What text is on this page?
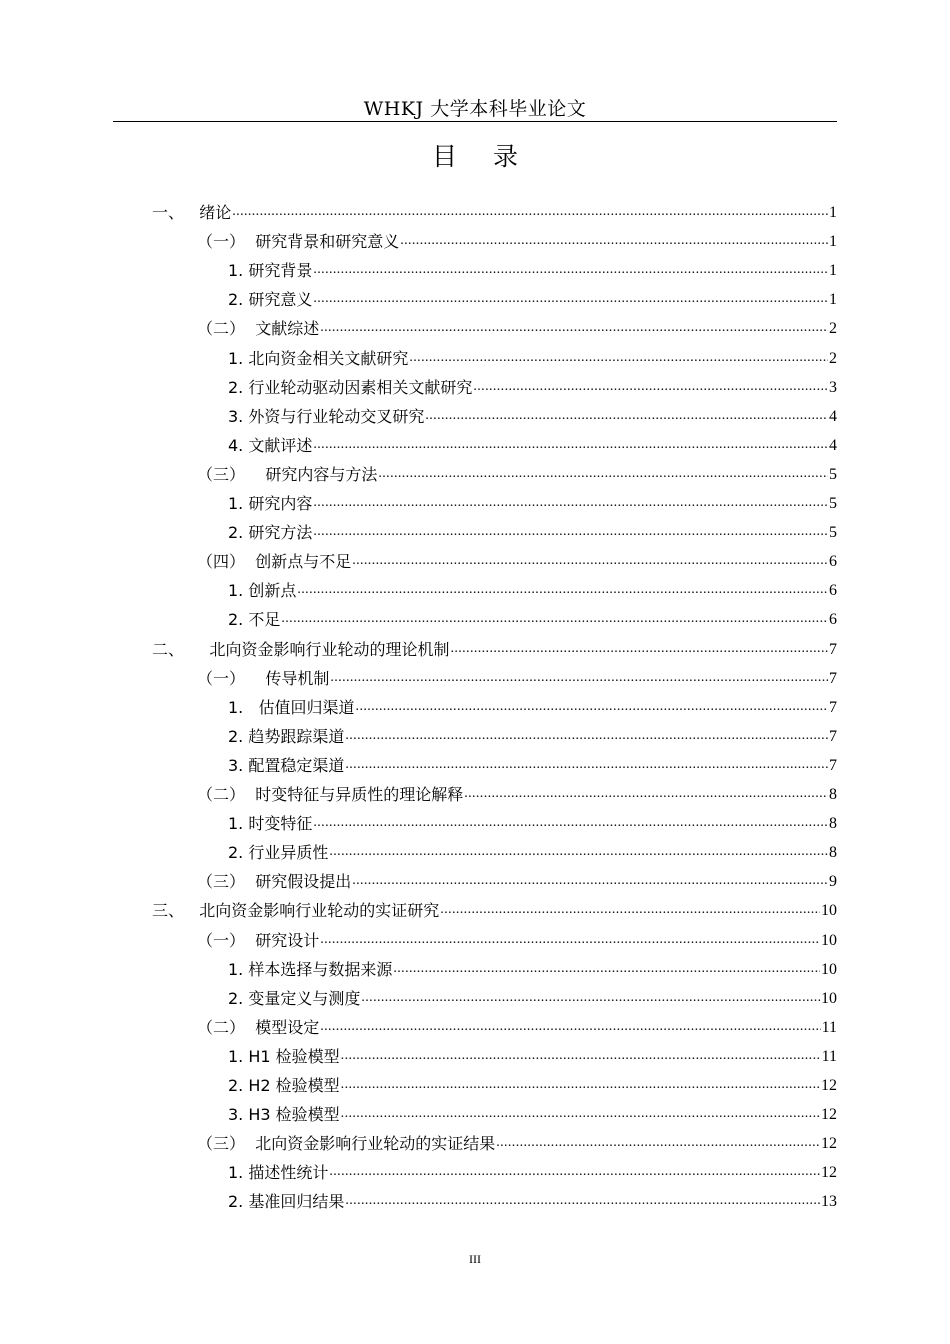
WHKJ 大学本科毕业论文
目 录
一、 绪论 .....	1
（一） 研究背景和研究意义 .....	1
1. 研究背景 .....	1
2. 研究意义 .....	1
（二） 文献综述 .....	2
1. 北向资金相关文献研究 .....	2
2. 行业轮动驱动因素相关文献研究 .....	3
3. 外资与行业轮动交叉研究 .....	4
4. 文献评述 .....	4
（三） 研究内容与方法 .....	5
1. 研究内容 .....	5
2. 研究方法 .....	5
（四） 创新点与不足 .....	6
1. 创新点 .....	6
2. 不足 .....	6
二、 北向资金影响行业轮动的理论机制 .....	7
（一） 传导机制 .....	7
1. 估值回归渠道 .....	7
2. 趋势跟踪渠道 .....	7
3. 配置稳定渠道 .....	7
（二） 时变特征与异质性的理论解释 .....	8
1. 时变特征 .....	8
2. 行业异质性 .....	8
（三） 研究假设提出 .....	9
三、 北向资金影响行业轮动的实证研究 .....	10
（一） 研究设计 .....	10
1. 样本选择与数据来源 .....	10
2. 变量定义与测度 .....	10
（二） 模型设定 .....	11
1. H1 检验模型 .....	11
2. H2 检验模型 .....	12
3. H3 检验模型 .....	12
（三） 北向资金影响行业轮动的实证结果 .....	12
1. 描述性统计 .....	12
2. 基准回归结果 .....	13
III
